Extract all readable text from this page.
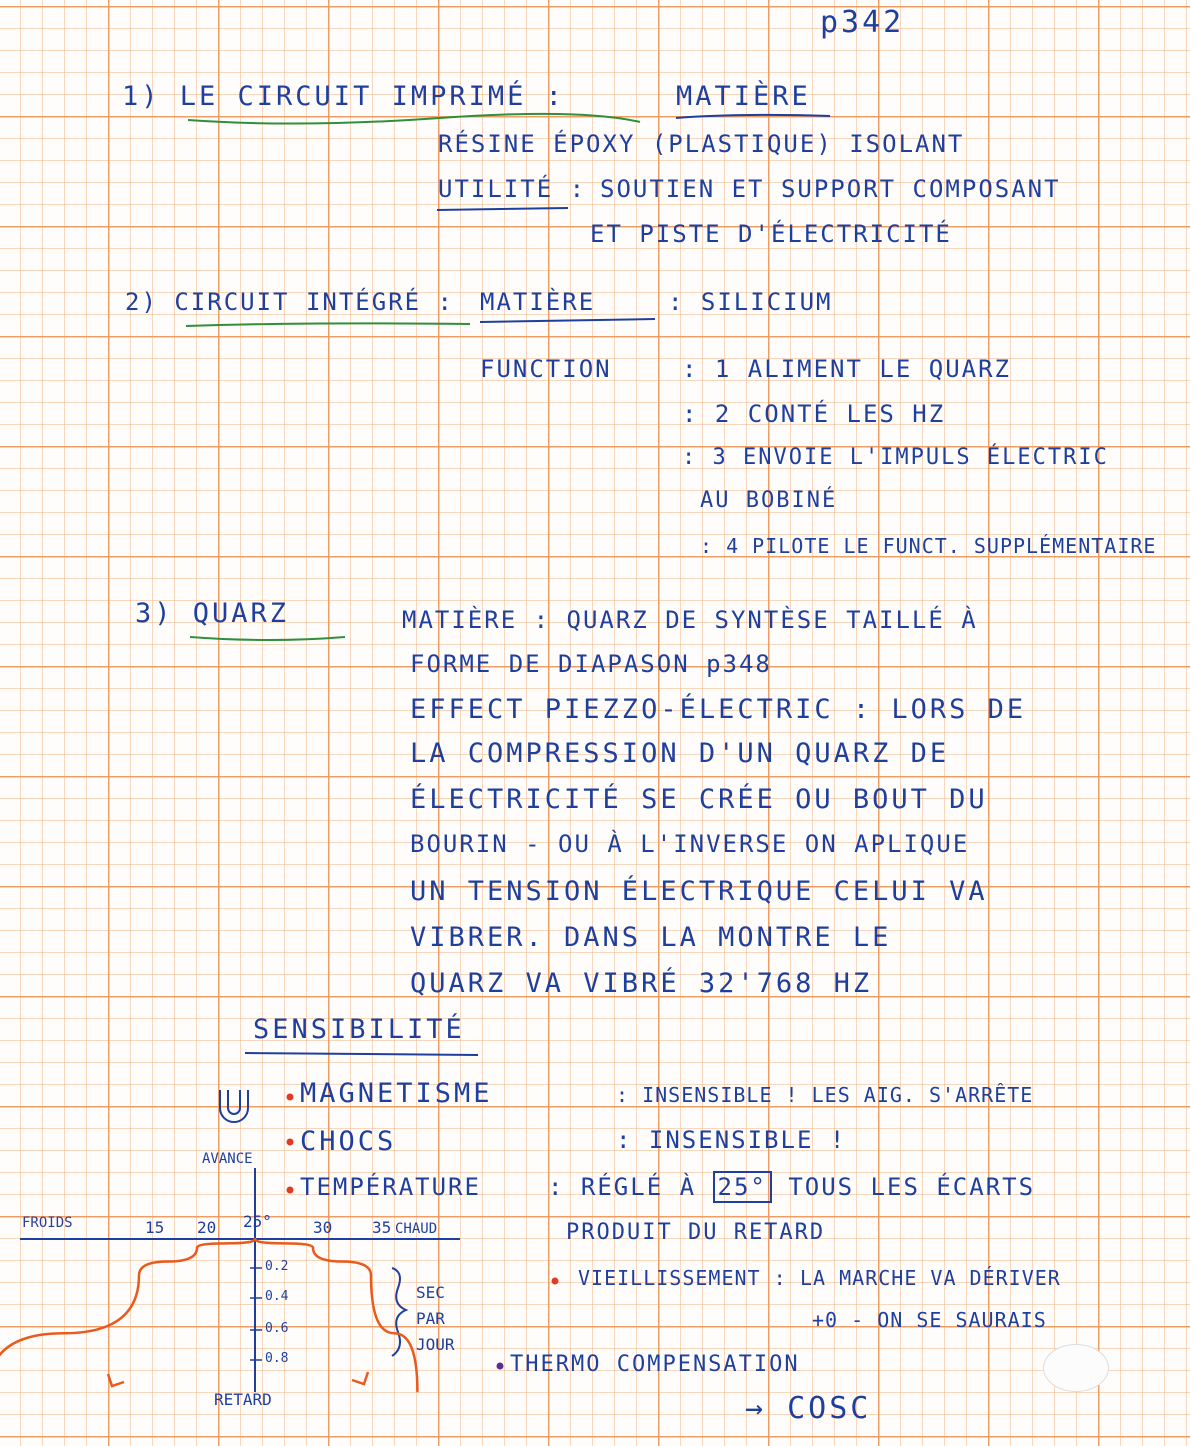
p342

1) LE CIRCUIT IMPRIMÉ :	MATIÈRE

RÉSINE ÉPOXY (PLASTIQUE) ISOLANT

UTILITÉ : SOUTIEN ET SUPPORT COMPOSANT

ET PISTE D'ÉLECTRICITÉ

2) CIRCUIT INTÉGRÉ : MATIÈRE	: SILICIUM

FUNCTION	: 1 ALIMENT LE QUARZ

: 2 CONTÉ LES HZ

: 3 ENVOIE L'IMPULS ÉLECTRIC

AU BOBINÉ

: 4 PILOTE LE FUNCT. SUPPLÉMENTAIRE

3) QUARZ	MATIÈRE : QUARZ DE SYNTÈSE TAILLÉ À

FORME DE DIAPASON p348

EFFECT PIEZZO-ÉLECTRIC : LORS DE

LA COMPRESSION D'UN QUARZ DE

ÉLECTRICITÉ SE CRÉE OU BOUT DU

BOURIN - OU À L'INVERSE ON APLIQUE

UN TENSION ÉLECTRIQUE CELUI VA

VIBRER. DANS LA MONTRE LE

QUARZ VA VIBRÉ 32'768 HZ

SENSIBILITÉ

MAGNETISME	: INSENSIBLE ! LES AIG. S'ARRÊTE

CHOCS	: INSENSIBLE !

TEMPÉRATURE	: RÉGLÉ À 25° TOUS LES ÉCARTS

PRODUIT DU RETARD

VIEILLISSEMENT : LA MARCHE VA DÉRIVER

+0 - ON SE SAURAIS

THERMO COMPENSATION

→ COSC

FROIDS	CHAUD

AVANCE

RETARD

15 20 25°	30 35

0.2

0.4

0.6

0.8

SEC

PAR

JOUR
